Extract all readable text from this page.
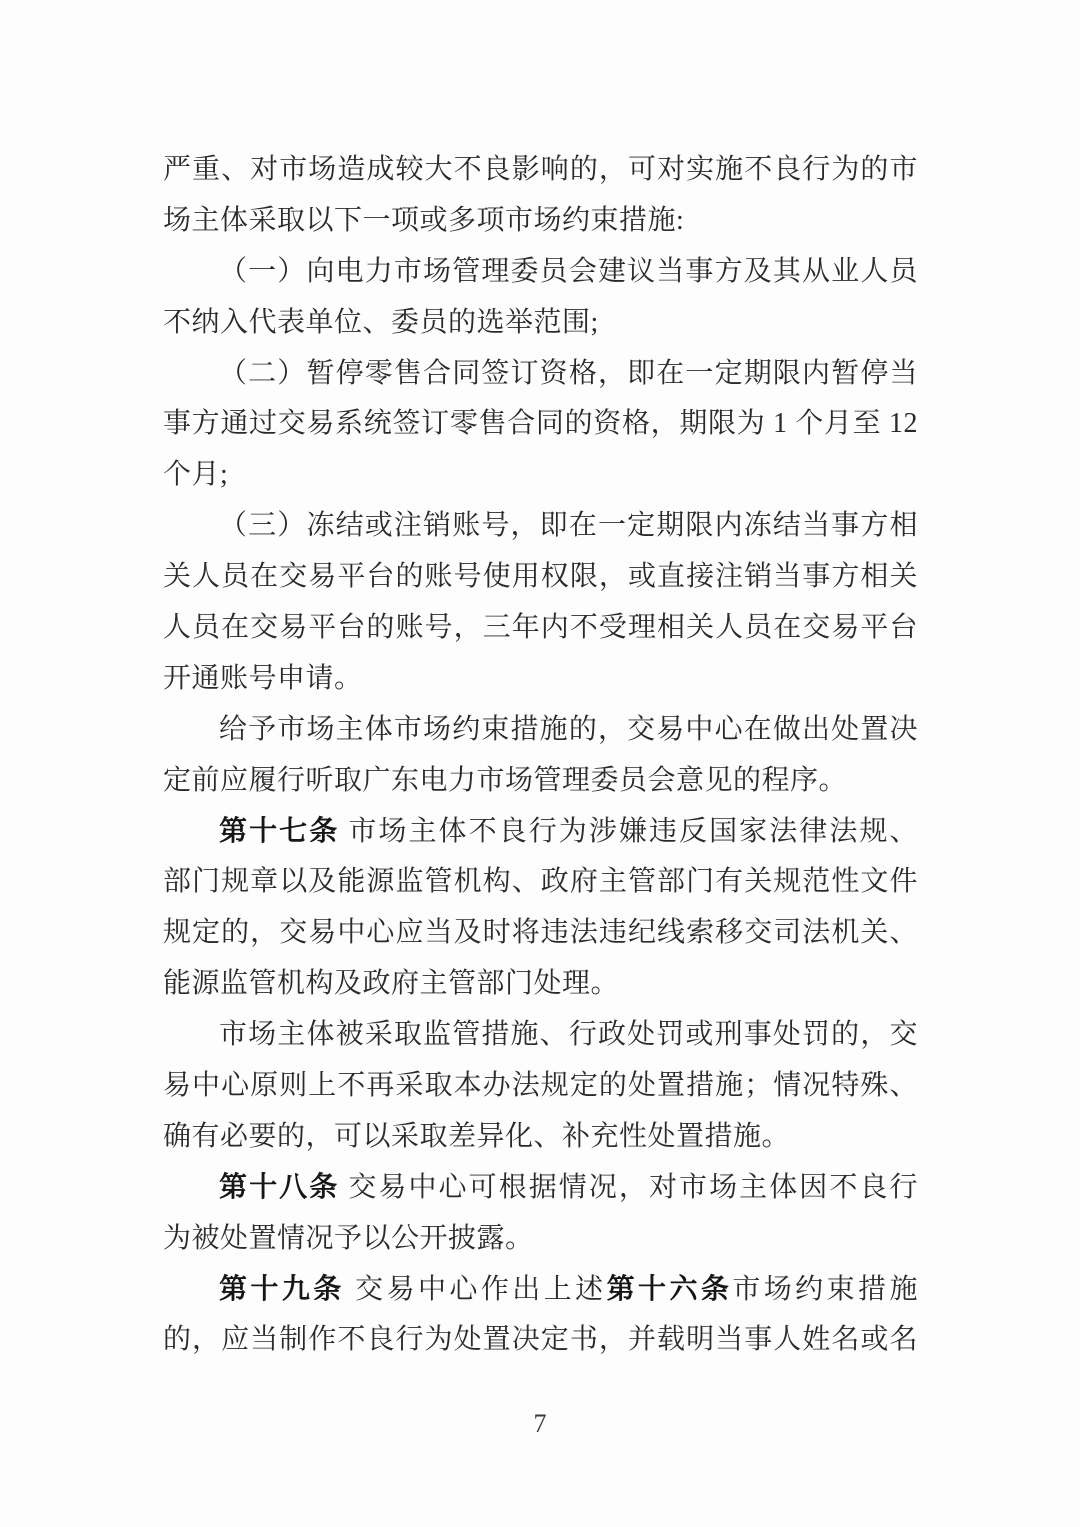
严重、对市场造成较大不良影响的，可对实施不良行为的市
场主体采取以下一项或多项市场约束措施:
（一）向电力市场管理委员会建议当事方及其从业人员
不纳入代表单位、委员的选举范围;
（二）暂停零售合同签订资格，即在一定期限内暂停当
事方通过交易系统签订零售合同的资格，期限为 1 个月至 12
个月;
（三）冻结或注销账号，即在一定期限内冻结当事方相
关人员在交易平台的账号使用权限，或直接注销当事方相关
人员在交易平台的账号，三年内不受理相关人员在交易平台
开通账号申请。
给予市场主体市场约束措施的，交易中心在做出处置决
定前应履行听取广东电力市场管理委员会意见的程序。
第十七条 市场主体不良行为涉嫌违反国家法律法规、
部门规章以及能源监管机构、政府主管部门有关规范性文件
规定的，交易中心应当及时将违法违纪线索移交司法机关、
能源监管机构及政府主管部门处理。
市场主体被采取监管措施、行政处罚或刑事处罚的，交
易中心原则上不再采取本办法规定的处置措施；情况特殊、
确有必要的，可以采取差异化、补充性处置措施。
第十八条 交易中心可根据情况，对市场主体因不良行
为被处置情况予以公开披露。
第十九条 交易中心作出上述第十六条市场约束措施
的，应当制作不良行为处置决定书，并载明当事人姓名或名
7
